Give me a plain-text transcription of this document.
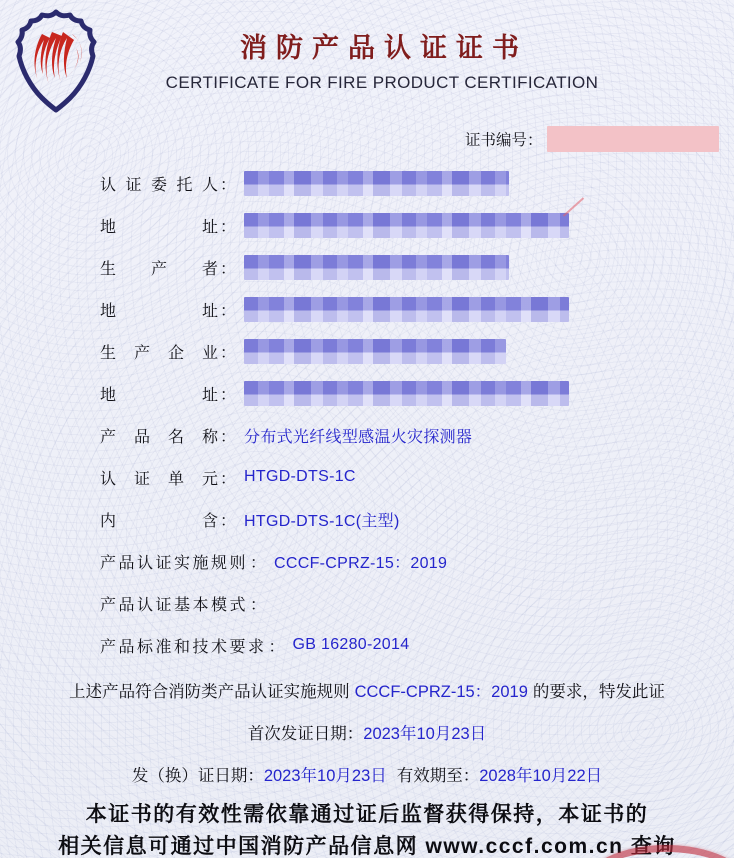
消防产品认证证书
CERTIFICATE FOR FIRE PRODUCT CERTIFICATION
证书编号 ：
认证委托人 ：
地址 ：
生产者 ：
地址 ：
生产企业 ：
地址 ：
产品名称 ： 分布式光纤线型感温火灾探测器
认证单元 ： HTGD-DTS-1C
内含 ： HTGD-DTS-1C(主型)
产品认证实施规则 ： CCCF-CPRZ-15：2019
产品认证基本模式 ：
产品标准和技术要求 ： GB 16280-2014
上述产品符合消防类产品认证实施规则 CCCF-CPRZ-15：2019 的要求，特发此证
首次发证日期：2023年10月23日
发（换）证日期：2023年10月23日 有效期至：2028年10月22日
本证书的有效性需依靠通过证后监督获得保持，本证书的
相关信息可通过中国消防产品信息网 www.cccf.com.cn 查询
